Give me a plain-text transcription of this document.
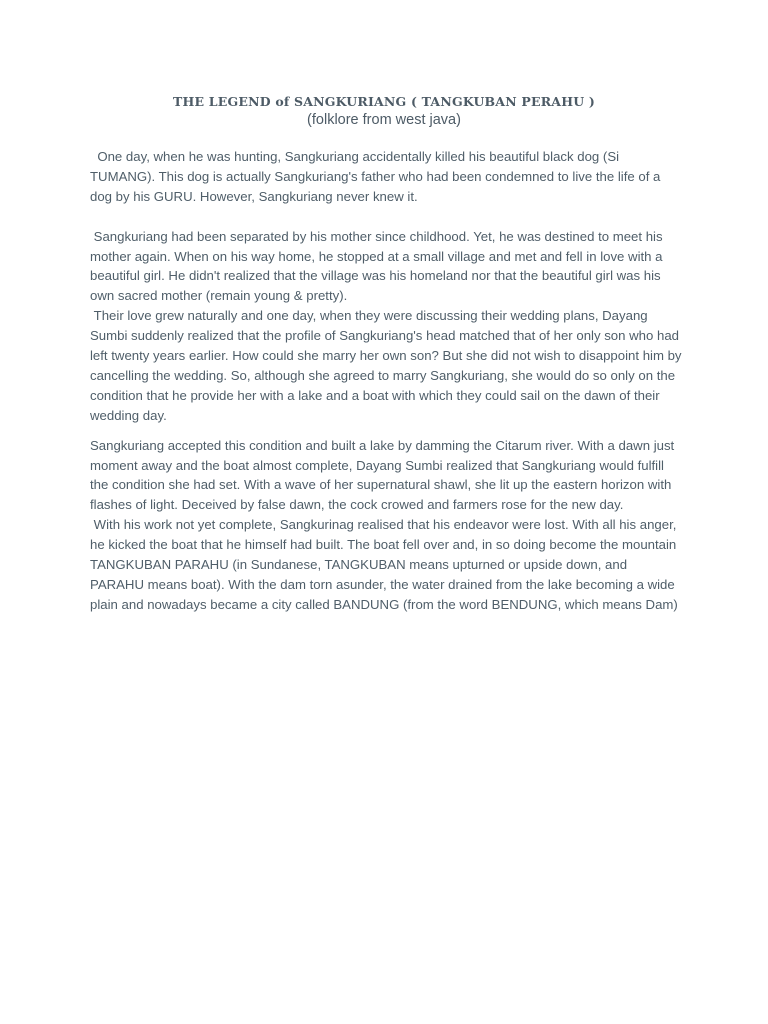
THE LEGEND of SANGKURIANG ( TANGKUBAN PERAHU )

(folklore from west java)

One day, when he was hunting, Sangkuriang accidentally killed his beautiful black dog (Si TUMANG). This dog is actually Sangkuriang's father who had been condemned to live the life of a dog by his GURU. However, Sangkuriang never knew it.

Sangkuriang had been separated by his mother since childhood. Yet, he was destined to meet his mother again. When on his way home, he stopped at a small village and met and fell in love with a beautiful girl. He didn't realized that the village was his homeland nor that the beautiful girl was his own sacred mother (remain young & pretty).

Their love grew naturally and one day, when they were discussing their wedding plans, Dayang Sumbi suddenly realized that the profile of Sangkuriang's head matched that of her only son who had left twenty years earlier. How could she marry her own son? But she did not wish to disappoint him by cancelling the wedding. So, although she agreed to marry Sangkuriang, she would do so only on the condition that he provide her with a lake and a boat with which they could sail on the dawn of their wedding day.

Sangkuriang accepted this condition and built a lake by damming the Citarum river. With a dawn just moment away and the boat almost complete, Dayang Sumbi realized that Sangkuriang would fulfill the condition she had set. With a wave of her supernatural shawl, she lit up the eastern horizon with flashes of light. Deceived by false dawn, the cock crowed and farmers rose for the new day.

With his work not yet complete, Sangkurinag realised that his endeavor were lost. With all his anger, he kicked the boat that he himself had built. The boat fell over and, in so doing become the mountain TANGKUBAN PARAHU (in Sundanese, TANGKUBAN means upturned or upside down, and PARAHU means boat). With the dam torn asunder, the water drained from the lake becoming a wide plain and nowadays became a city called BANDUNG (from the word BENDUNG, which means Dam)
